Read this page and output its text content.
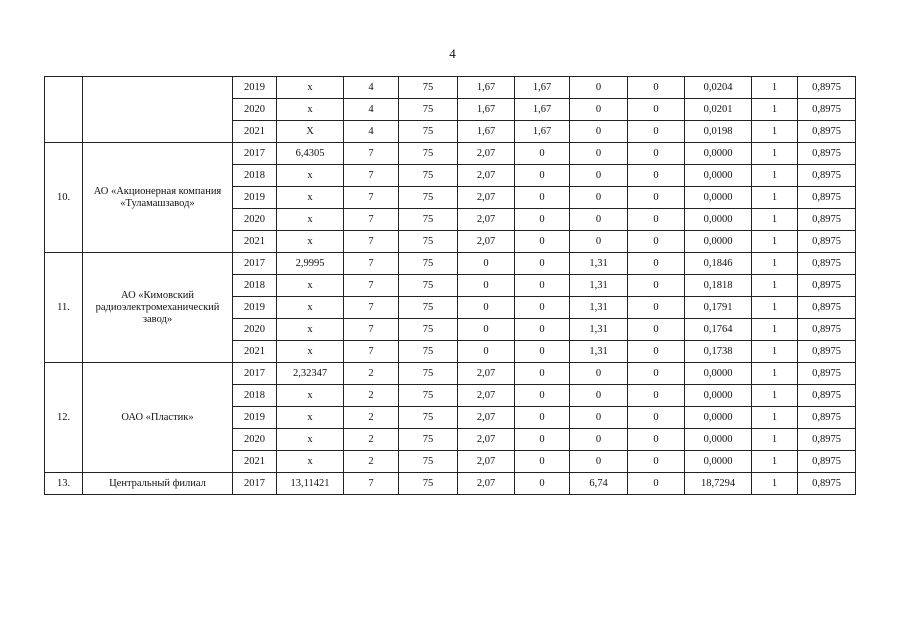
4
		2019	x	4	75	1,67	1,67	0	0	0,0204	1	0,8975
		2020	x	4	75	1,67	1,67	0	0	0,0201	1	0,8975
		2021	X	4	75	1,67	1,67	0	0	0,0198	1	0,8975
10.	АО «Акционерная компания «Туламашзавод»	2017	6,4305	7	75	2,07	0	0	0	0,0000	1	0,8975
		2018	x	7	75	2,07	0	0	0	0,0000	1	0,8975
		2019	x	7	75	2,07	0	0	0	0,0000	1	0,8975
		2020	x	7	75	2,07	0	0	0	0,0000	1	0,8975
		2021	x	7	75	2,07	0	0	0	0,0000	1	0,8975
11.	АО «Кимовский радиоэлектромеханический завод»	2017	2,9995	7	75	0	0	1,31	0	0,1846	1	0,8975
		2018	x	7	75	0	0	1,31	0	0,1818	1	0,8975
		2019	x	7	75	0	0	1,31	0	0,1791	1	0,8975
		2020	x	7	75	0	0	1,31	0	0,1764	1	0,8975
		2021	x	7	75	0	0	1,31	0	0,1738	1	0,8975
12.	ОАО «Пластик»	2017	2,32347	2	75	2,07	0	0	0	0,0000	1	0,8975
		2018	x	2	75	2,07	0	0	0	0,0000	1	0,8975
		2019	x	2	75	2,07	0	0	0	0,0000	1	0,8975
		2020	x	2	75	2,07	0	0	0	0,0000	1	0,8975
		2021	x	2	75	2,07	0	0	0	0,0000	1	0,8975
13.	Центральный филиал	2017	13,11421	7	75	2,07	0	6,74	0	18,7294	1	0,8975
